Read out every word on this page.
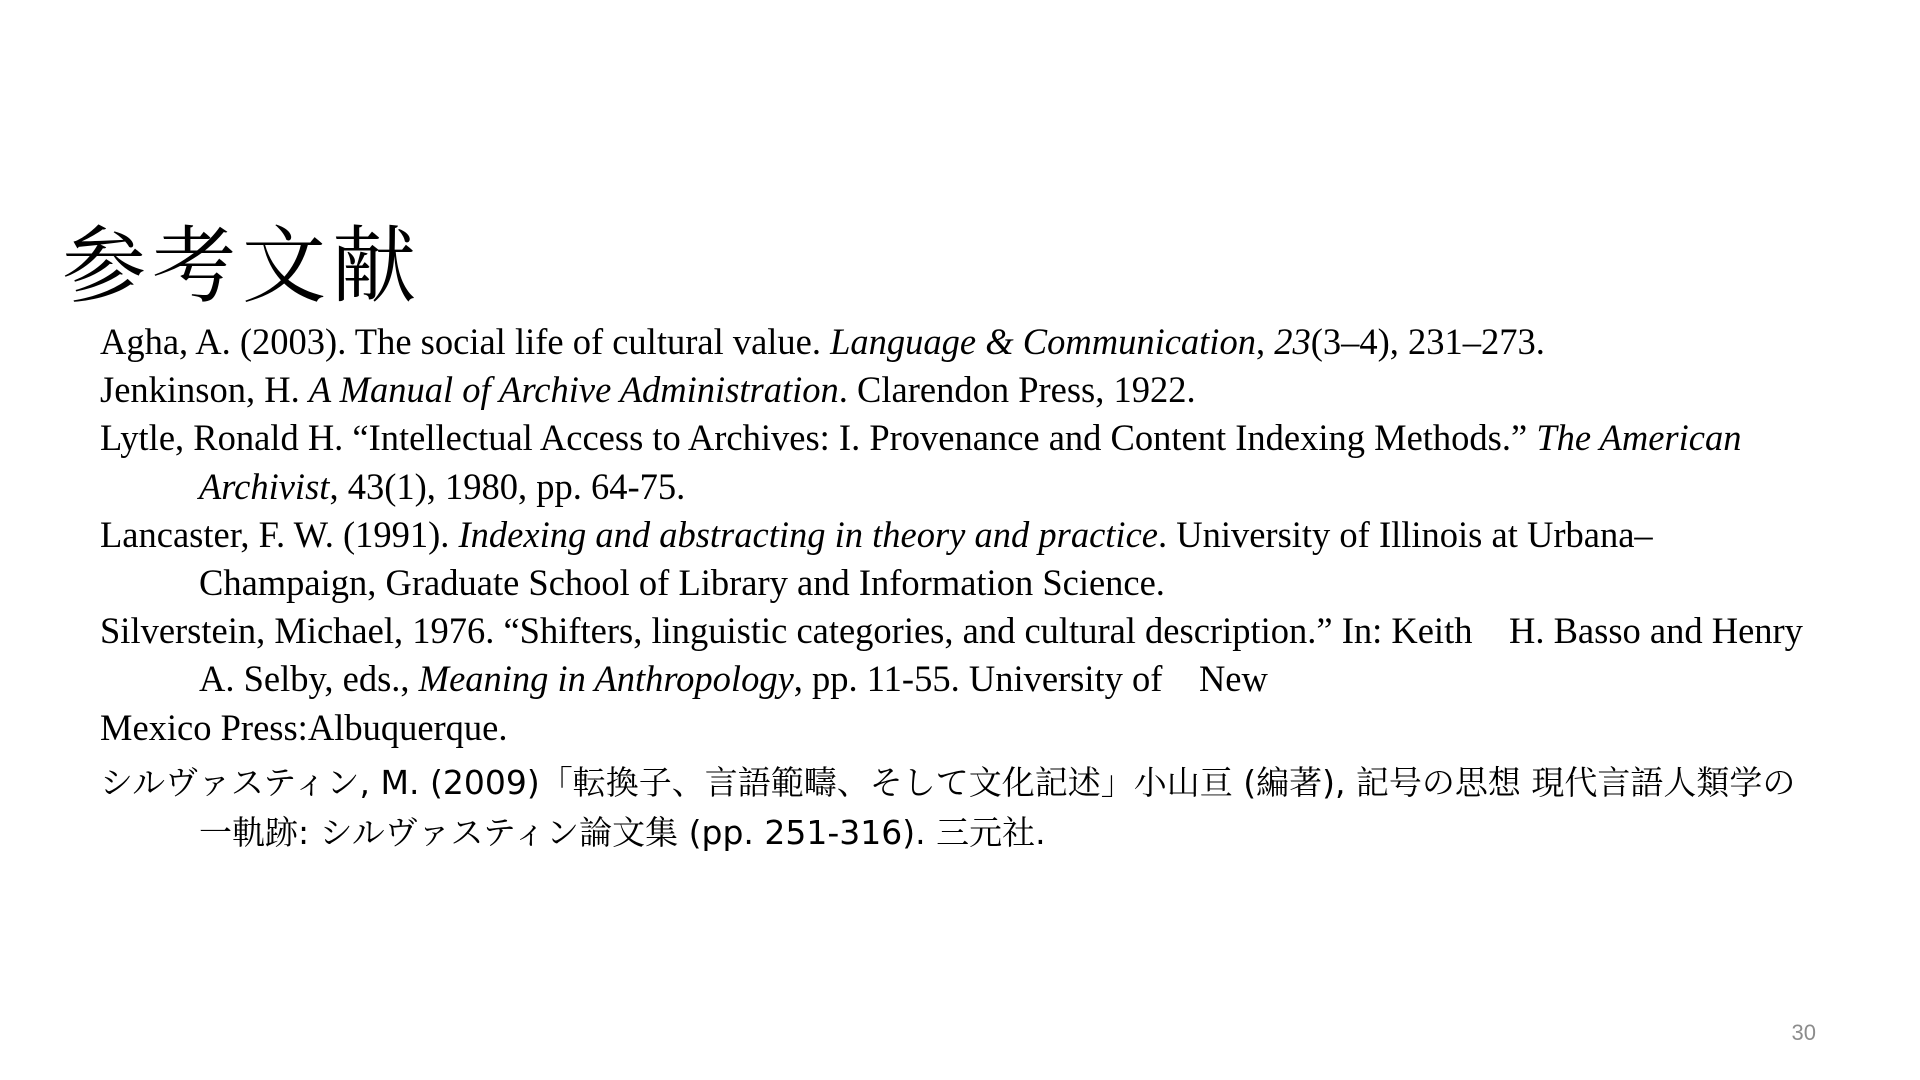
参考文献
Agha, A. (2003). The social life of cultural value. Language & Communication, 23(3–4), 231–273.
Jenkinson, H. A Manual of Archive Administration. Clarendon Press, 1922.
Lytle, Ronald H. “Intellectual Access to Archives: I. Provenance and Content Indexing Methods.” The American Archivist, 43(1), 1980, pp. 64-75.
Lancaster, F. W. (1991). Indexing and abstracting in theory and practice. University of Illinois at Urbana–Champaign, Graduate School of Library and Information Science.
Silverstein, Michael, 1976. “Shifters, linguistic categories, and cultural description.” In: Keith　H. Basso and Henry A. Selby, eds., Meaning in Anthropology, pp. 11-55. University of　New
Mexico Press:Albuquerque.
シルヴァスティン, M. (2009)「転換子、言語範疇、そして文化記述」小山亘 (編著), 記号の思想 現代言語人類学の一軌跡: シルヴァスティン論文集 (pp. 251-316). 三元社.
30
